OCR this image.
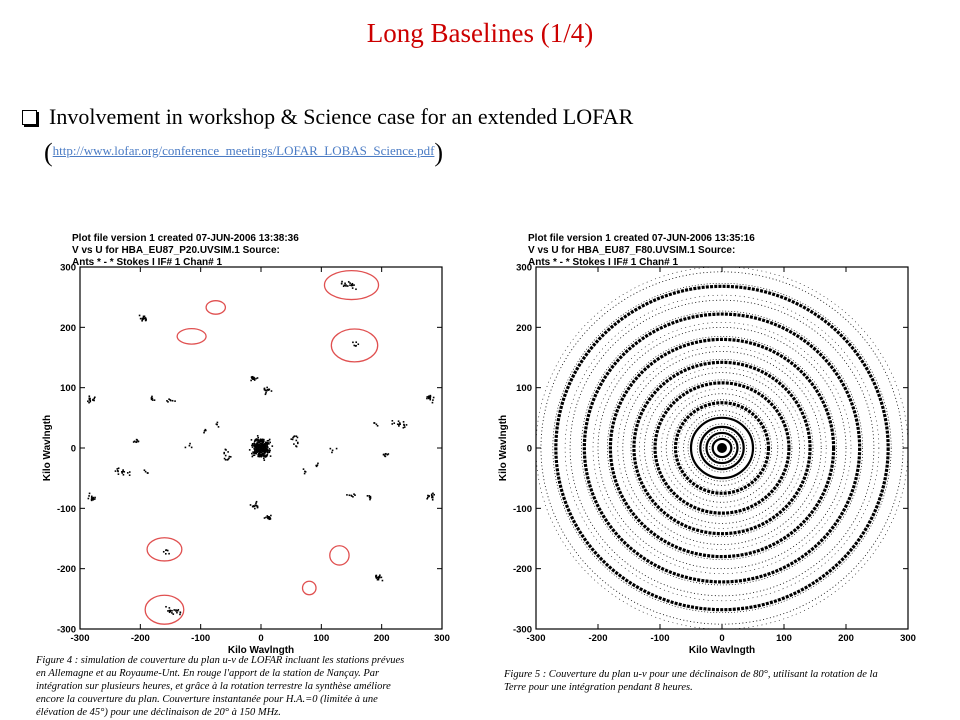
Long Baselines (1/4)
Involvement in workshop & Science case for an extended LOFAR
($^{http://www.lofar.org/conference\_meetings/LOFAR\_LOBAS\_Science.pdf}$)
Plot file version 1 created 07-JUN-2006 13:38:36
V vs U for HBA_EU87_P20.UVSIM.1 Source:
Ants * - * Stokes I IF# 1 Chan# 1
-300	-200	-100	0	100	200	300
-300
-200
-100
0
100
200
300
Kilo Wavlngth
Kilo Wavlngth
Plot file version 1 created 07-JUN-2006 13:35:16
V vs U for HBA_EU87_F80.UVSIM.1 Source:
Ants * - * Stokes I IF# 1 Chan# 1
-300	-200	-100	0	100	200	300
-300
-200
-100
0
100
200
300
Kilo Wavlngth
Kilo Wavlngth
Figure 4 : simulation de couverture du plan u-v de LOFAR incluant les stations prévues
en Allemagne et au Royaume-Unt. En rouge l'apport de la station de Nançay. Par
intégration sur plusieurs heures, et grâce à la rotation terrestre la synthèse améliore
encore la couverture du plan. Couverture instantanée pour H.A.=0 (limitée à une
élévation de 45°) pour une déclinaison de 20° à 150 MHz.
Figure 5 : Couverture du plan u-v pour une déclinaison de 80°, utilisant la rotation de la
Terre pour une intégration pendant 8 heures.
